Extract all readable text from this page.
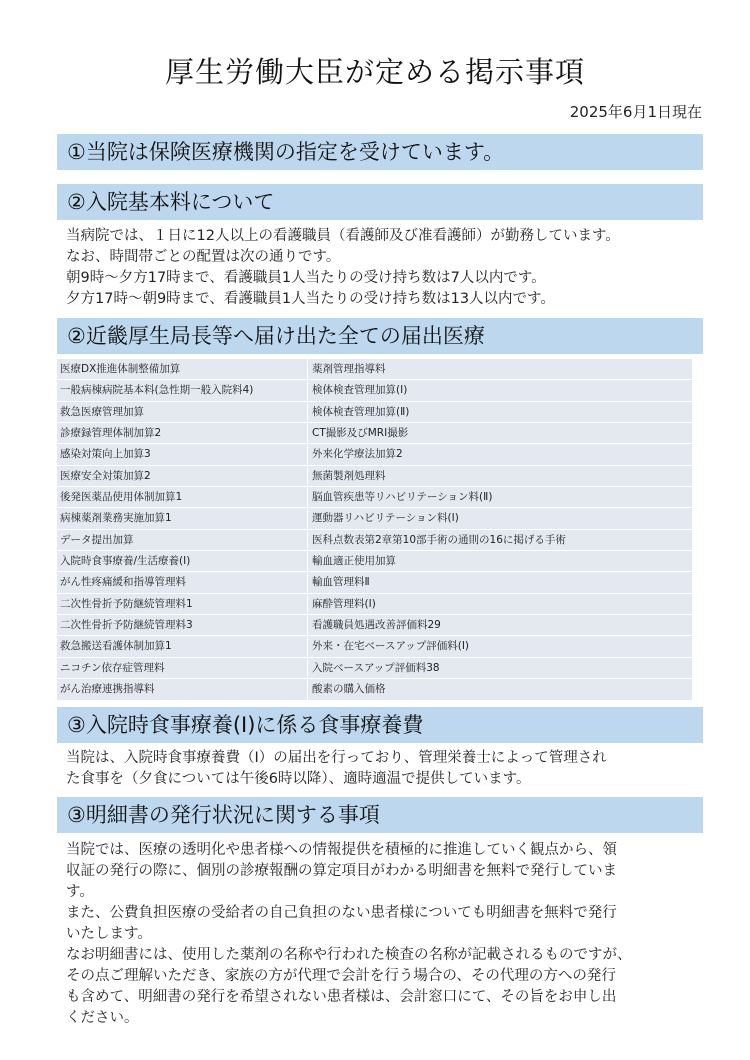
厚生労働大臣が定める掲示事項
2025年6月1日現在
①当院は保険医療機関の指定を受けています。
②入院基本料について

当病院では、１日に12人以上の看護職員（看護師及び准看護師）が勤務しています。

なお、時間帯ごとの配置は次の通りです。

朝9時〜夕方17時まで、看護職員1人当たりの受け持ち数は7人以内です。

夕方17時〜朝9時まで、看護職員1人当たりの受け持ち数は13人以内です。

②近畿厚生局長等へ届け出た全ての届出医療
医療DX推進体制整備加算	薬剤管理指導料
一般病棟病院基本料(急性期一般入院料4)	検体検査管理加算(Ⅰ)
救急医療管理加算	検体検査管理加算(Ⅱ)
診療録管理体制加算2	CT撮影及びMRI撮影
感染対策向上加算3	外来化学療法加算2
医療安全対策加算2	無菌製剤処理料
後発医薬品使用体制加算1	脳血管疾患等リハビリテーション料(Ⅱ)
病棟薬剤業務実施加算1	運動器リハビリテーション料(Ⅰ)
データ提出加算	医科点数表第2章第10部手術の通則の16に掲げる手術
入院時食事療養/生活療養(Ⅰ)	輸血適正使用加算
がん性疼痛緩和指導管理料	輸血管理料Ⅱ
二次性骨折予防継続管理料1	麻酔管理料(Ⅰ)
二次性骨折予防継続管理料3	看護職員処遇改善評価料29
救急搬送看護体制加算1	外来・在宅ベースアップ評価料(Ⅰ)
ニコチン依存症管理料	入院ベースアップ評価料38
がん治療連携指導料	酸素の購入価格
③入院時食事療養(Ⅰ)に係る食事療養費

当院は、入院時食事療養費（Ⅰ）の届出を行っており、管理栄養士によって管理され

た食事を（夕食については午後6時以降）、適時適温で提供しています。

③明細書の発行状況に関する事項

当院では、医療の透明化や患者様への情報提供を積極的に推進していく観点から、領

収証の発行の際に、個別の診療報酬の算定項目がわかる明細書を無料で発行していま

す。

また、公費負担医療の受給者の自己負担のない患者様についても明細書を無料で発行

いたします。

なお明細書には、使用した薬剤の名称や行われた検査の名称が記載されるものですが、

その点ご理解いただき、家族の方が代理で会計を行う場合の、その代理の方への発行

も含めて、明細書の発行を希望されない患者様は、会計窓口にて、その旨をお申し出

ください。
